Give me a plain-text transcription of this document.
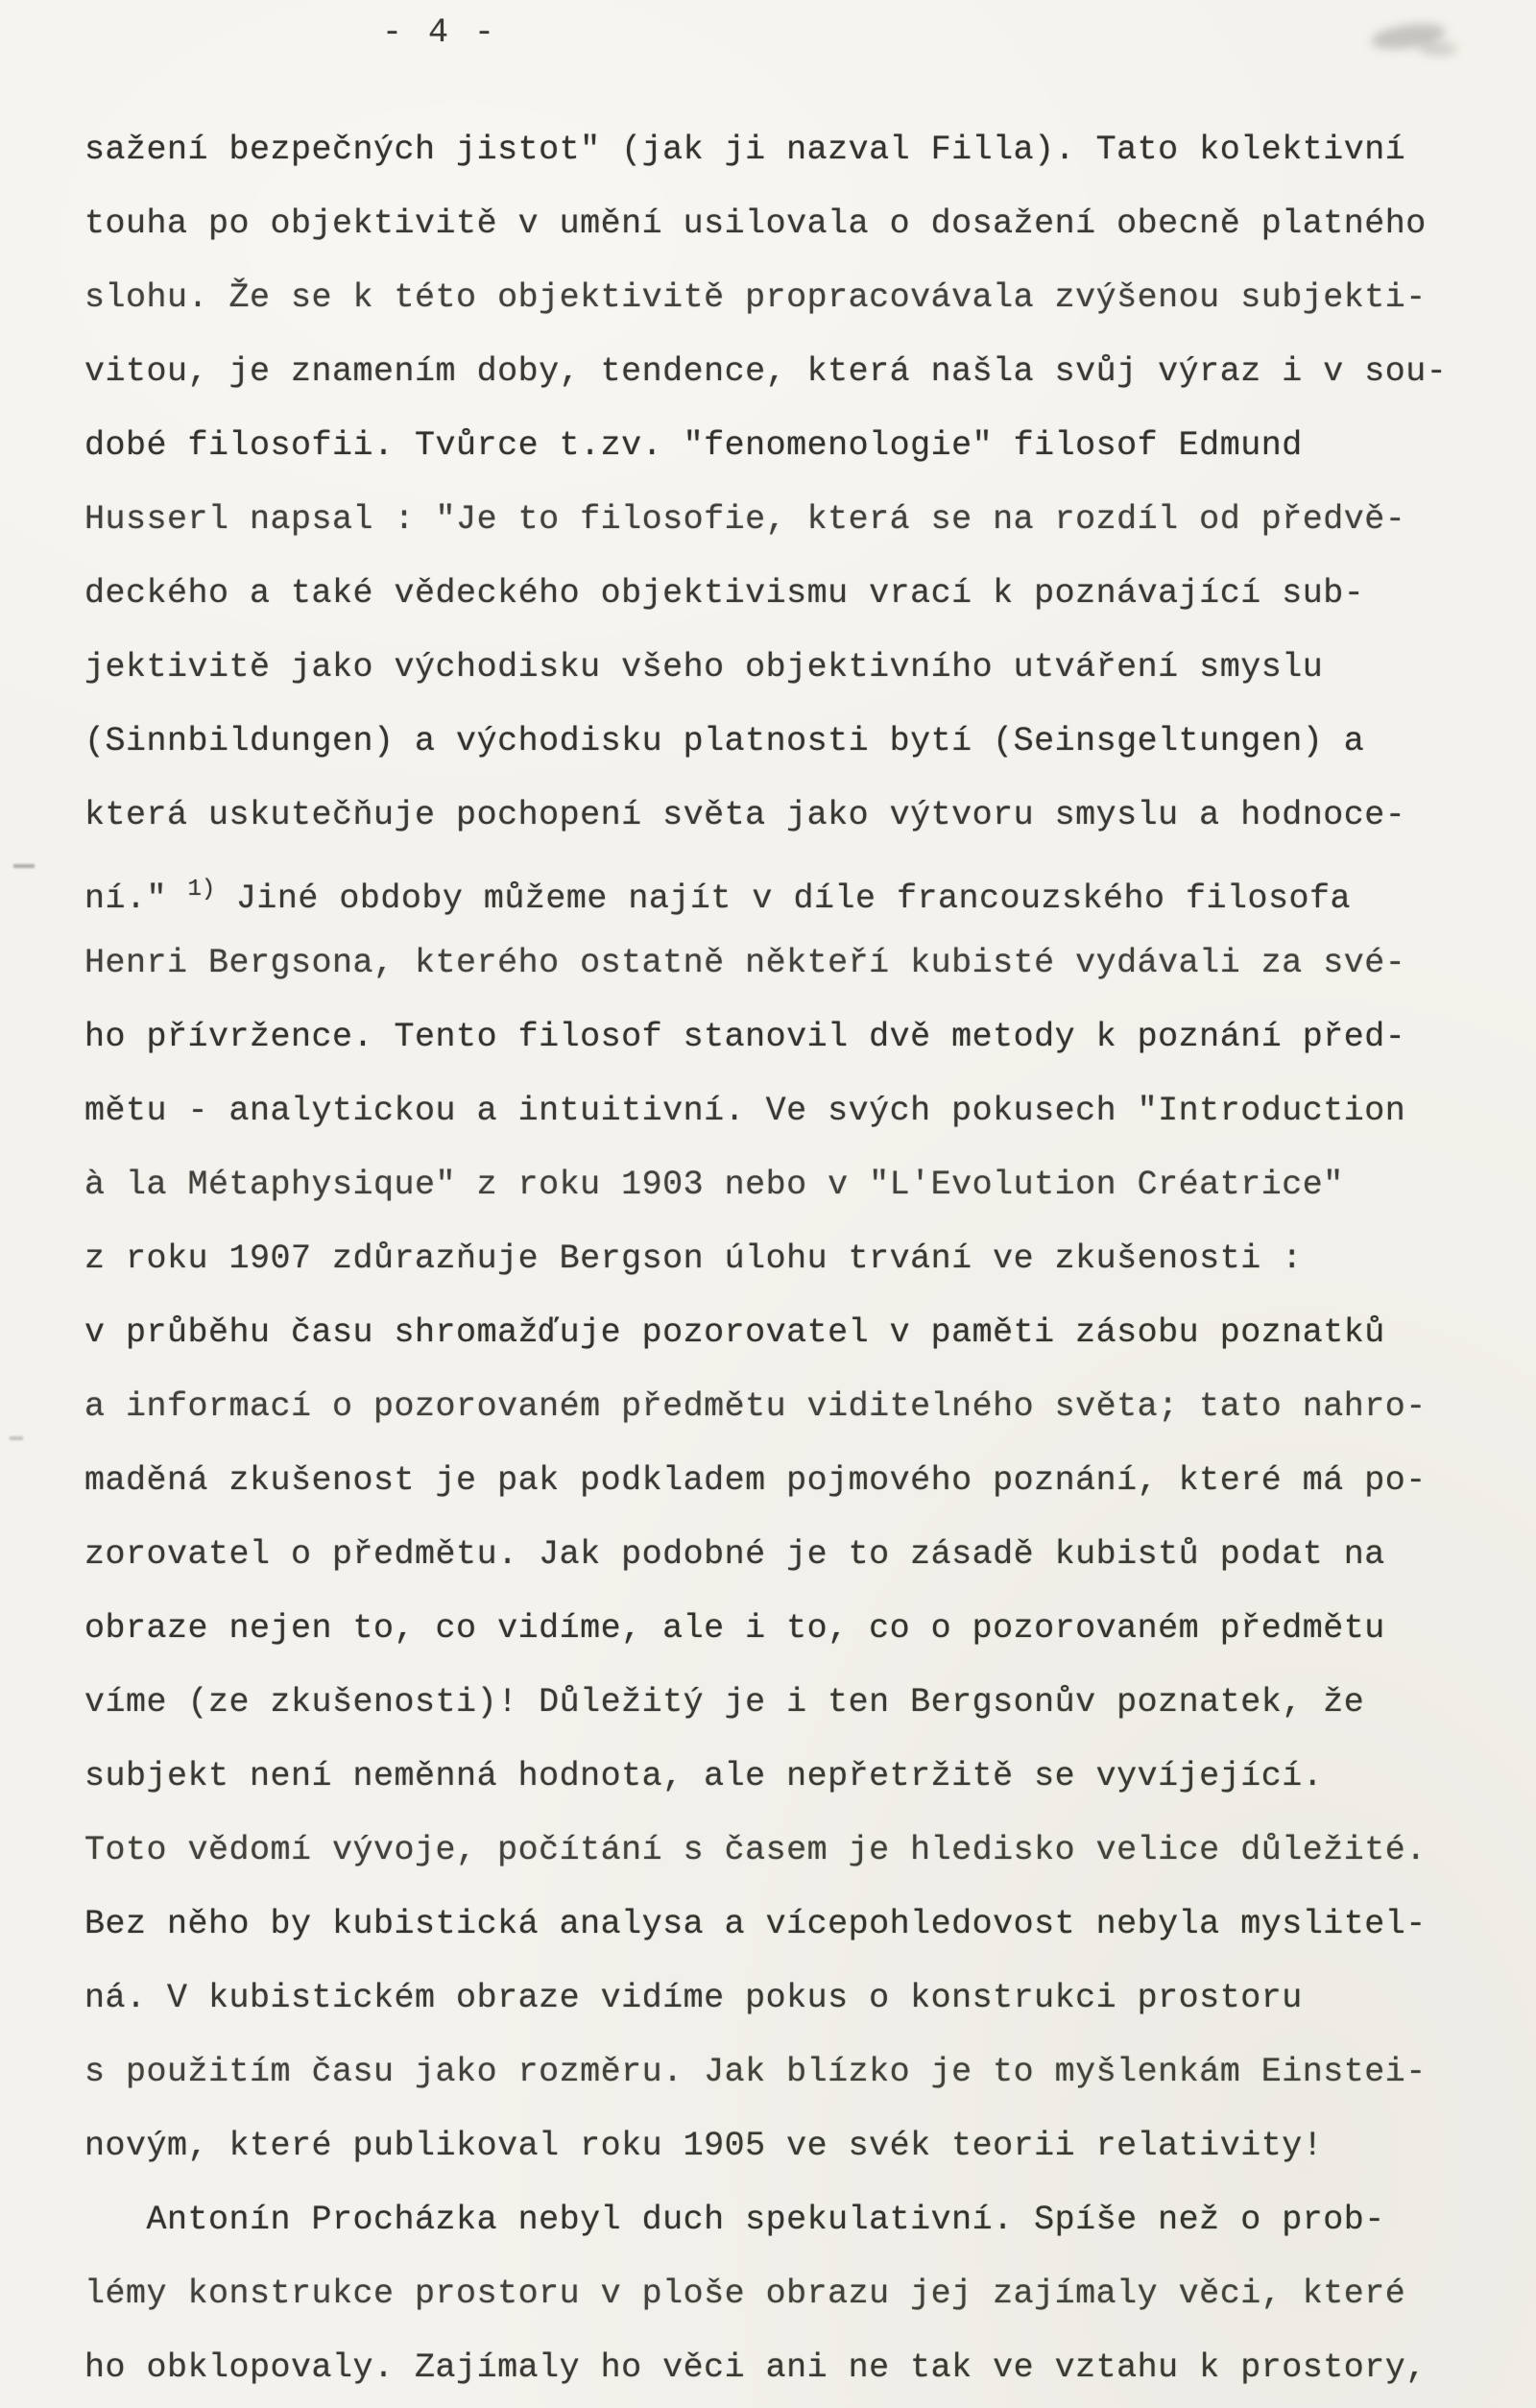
- 4 -
sažení bezpečných jistot" (jak ji nazval Filla). Tato kolektivní
touha po objektivitě v umění usilovala o dosažení obecně platného
slohu. Že se k této objektivitě propracovávala zvýšenou subjekti-
vitou, je znamením doby, tendence, která našla svůj výraz i v sou-
dobé filosofii. Tvůrce t.zv. "fenomenologie" filosof Edmund
Husserl napsal : "Je to filosofie, která se na rozdíl od předvě-
deckého a také vědeckého objektivismu vrací k poznávající sub-
jektivitě jako východisku všeho objektivního utváření smyslu
(Sinnbildungen) a východisku platnosti bytí (Seinsgeltungen) a
která uskutečňuje pochopení světa jako výtvoru smyslu a hodnoce-
ní." $^{1)}$ Jiné obdoby můžeme najít v díle francouzského filosofa
Henri Bergsona, kterého ostatně někteří kubisté vydávali za své-
ho přívržence. Tento filosof stanovil dvě metody k poznání před-
mětu - analytickou a intuitivní. Ve svých pokusech "Introduction
à la Métaphysique" z roku 1903 nebo v "L'Evolution Créatrice"
z roku 1907 zdůrazňuje Bergson úlohu trvání ve zkušenosti :
v průběhu času shromažďuje pozorovatel v paměti zásobu poznatků
a informací o pozorovaném předmětu viditelného světa; tato nahro-
maděná zkušenost je pak podkladem pojmového poznání, které má po-
zorovatel o předmětu. Jak podobné je to zásadě kubistů podat na
obraze nejen to, co vidíme, ale i to, co o pozorovaném předmětu
víme (ze zkušenosti)! Důležitý je i ten Bergsonův poznatek, že
subjekt není neměnná hodnota, ale nepřetržitě se vyvíjející.
Toto vědomí vývoje, počítání s časem je hledisko velice důležité.
Bez něho by kubistická analysa a vícepohledovost nebyla myslitel-
ná. V kubistickém obraze vidíme pokus o konstrukci prostoru
s použitím času jako rozměru. Jak blízko je to myšlenkám Einstei-
novým, které publikoval roku 1905 ve svék teorii relativity!
Antonín Procházka nebyl duch spekulativní. Spíše než o prob-
lémy konstrukce prostoru v ploše obrazu jej zajímaly věci, které
ho obklopovaly. Zajímaly ho věci ani ne tak ve vztahu k prostory,
